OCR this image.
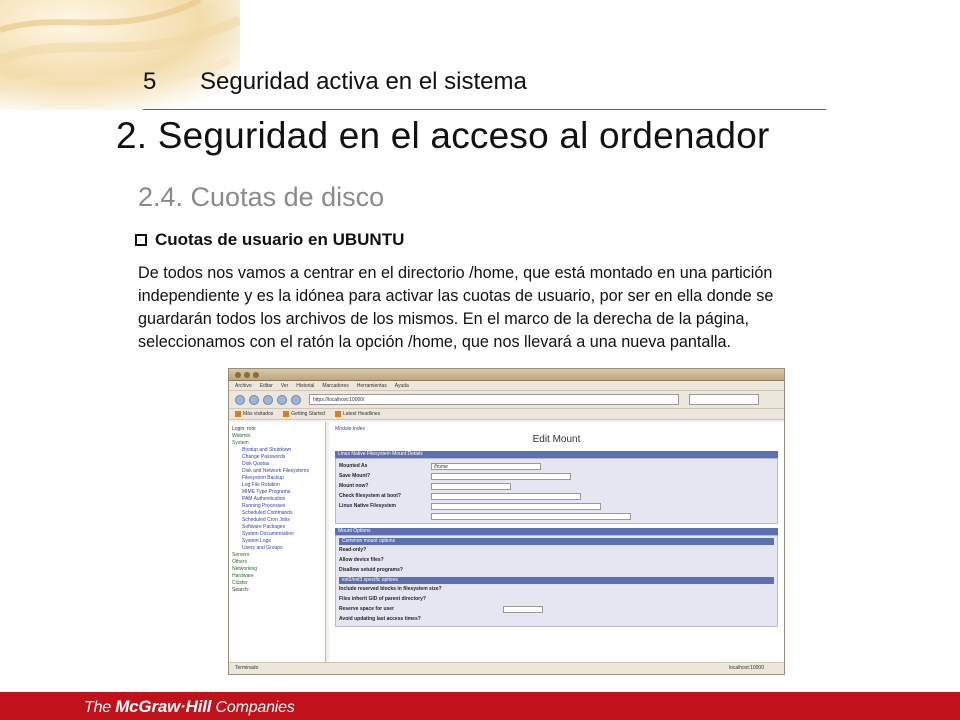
5 Seguridad activa en el sistema
2. Seguridad en el acceso al ordenador
2.4. Cuotas de disco
Cuotas de usuario en UBUNTU
De todos nos vamos a centrar en el directorio /home, que está montado en una partición
independiente y es la idónea para activar las cuotas de usuario, por ser en ella donde se
guardarán todos los archivos de los mismos. En el marco de la derecha de la página,
seleccionamos con el ratón la opción /home, que nos llevará a una nueva pantalla.
Archivo Editar Ver Historial Marcadores Herramientas Ayuda
https://localhost:10000/
Más visitados	Getting Started	Latest Headlines
Login: root
Webmin
System
Bootup and Shutdown
Change Passwords
Disk Quotas
Disk and Network Filesystems
Filesystem Backup
Log File Rotation
MIME Type Programs
PAM Authentication
Running Processes
Scheduled Commands
Scheduled Cron Jobs
Software Packages
System Documentation
System Logs
Users and Groups
Servers
Others
Networking
Hardware
Cluster
Search:
Module Index
Edit Mount
Linux Native Filesystem Mount Details
Mounted As	/home
Save Mount?
Mount now?
Check filesystem at boot?
Linux Native Filesystem
Mount Options
Common mount options
Read-only?
Allow device files?
Disallow setuid programs?
ext2/ext3 specific options
Include reserved blocks in filesystem size?
Files inherit GID of parent directory?
Reserve space for user
Avoid updating last access times?
Terminado	localhost:10000
The McGraw·Hill Companies
